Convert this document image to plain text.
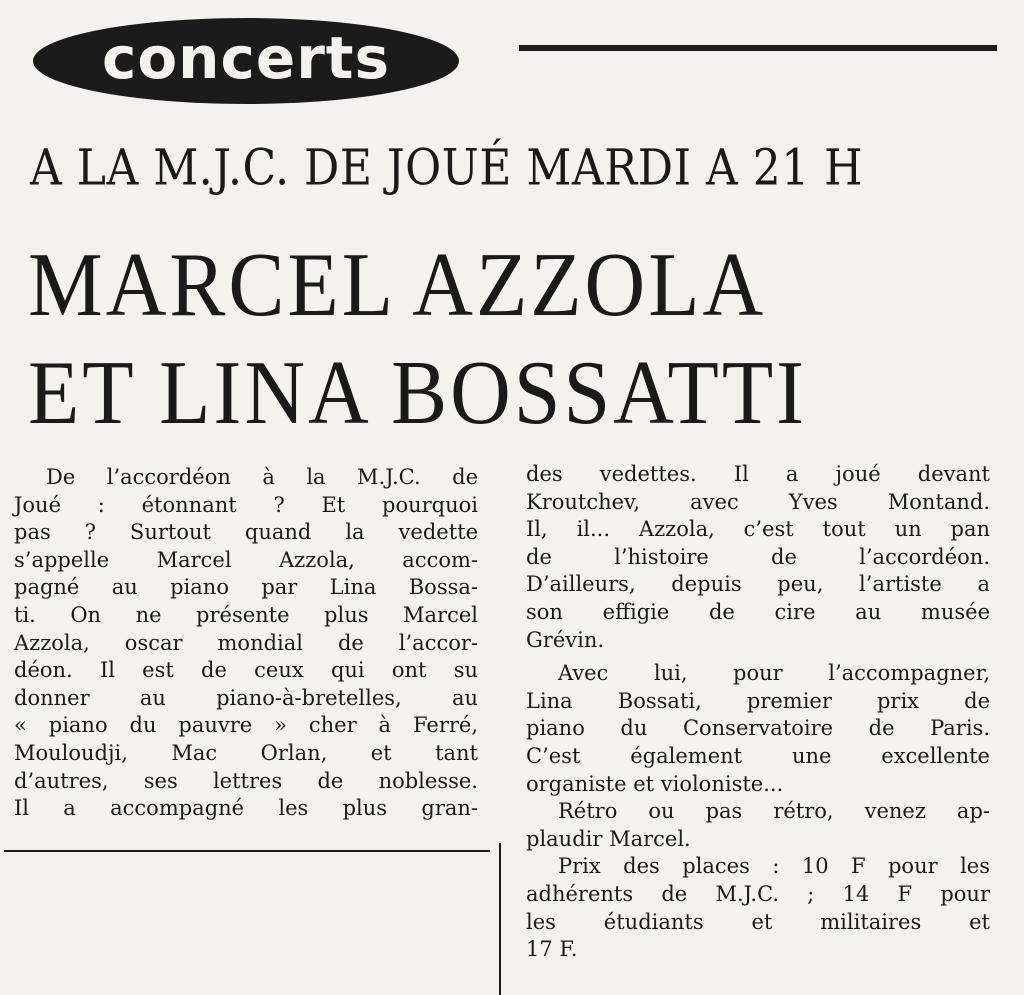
concerts
A LA M.J.C. DE JOUÉ MARDI A 21 H
MARCEL AZZOLA
ET LINA BOSSATTI
De l’accordéon à la M.J.C. de
Joué : étonnant ? Et pourquoi
pas ? Surtout quand la vedette
s’appelle Marcel Azzola, accom-
pagné au piano par Lina Bossa-
ti. On ne présente plus Marcel
Azzola, oscar mondial de l’accor-
déon. Il est de ceux qui ont su
donner au piano-à-bretelles, au
« piano du pauvre » cher à Ferré,
Mouloudji, Mac Orlan, et tant
d’autres, ses lettres de noblesse.
Il a accompagné les plus gran-
des vedettes. Il a joué devant
Kroutchev, avec Yves Montand.
Il, il... Azzola, c’est tout un pan
de l’histoire de l’accordéon.
D’ailleurs, depuis peu, l’artiste a
son effigie de cire au musée
Grévin.
Avec lui, pour l’accompagner,
Lina Bossati, premier prix de
piano du Conservatoire de Paris.
C’est également une excellente
organiste et violoniste...
Rétro ou pas rétro, venez ap-
plaudir Marcel.
Prix des places : 10 F pour les
adhérents de M.J.C. ; 14 F pour
les étudiants et militaires et
17 F.
